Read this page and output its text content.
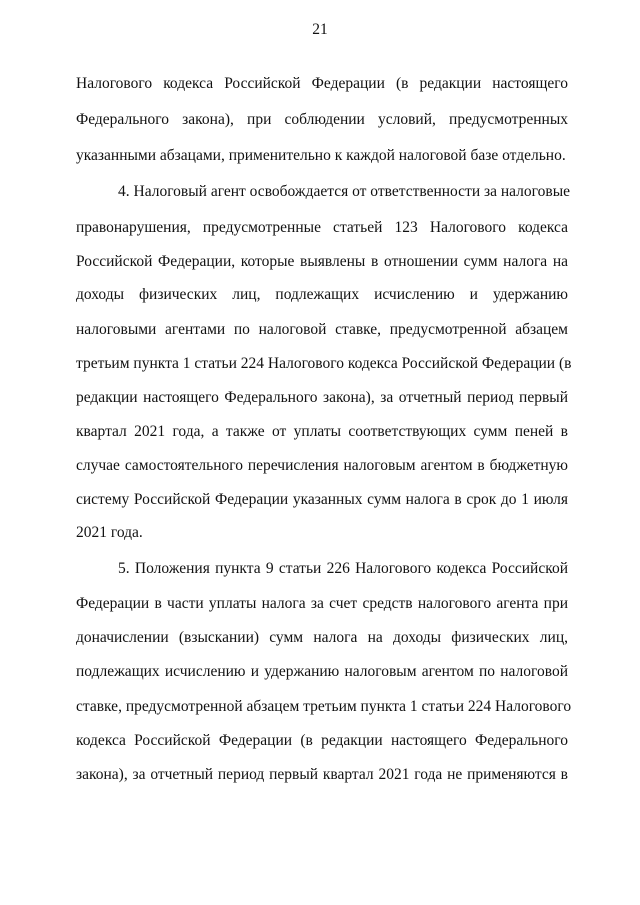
21
Налогового кодекса Российской Федерации (в редакции настоящего
Федерального закона), при соблюдении условий, предусмотренных
указанными абзацами, применительно к каждой налоговой базе отдельно.
4. Налоговый агент освобождается от ответственности за налоговые
правонарушения, предусмотренные статьей 123 Налогового кодекса
Российской Федерации, которые выявлены в отношении сумм налога на
доходы физических лиц, подлежащих исчислению и удержанию
налоговыми агентами по налоговой ставке, предусмотренной абзацем
третьим пункта 1 статьи 224 Налогового кодекса Российской Федерации (в
редакции настоящего Федерального закона), за отчетный период первый
квартал 2021 года, а также от уплаты соответствующих сумм пеней в
случае самостоятельного перечисления налоговым агентом в бюджетную
систему Российской Федерации указанных сумм налога в срок до 1 июля
2021 года.
5. Положения пункта 9 статьи 226 Налогового кодекса Российской
Федерации в части уплаты налога за счет средств налогового агента при
доначислении (взыскании) сумм налога на доходы физических лиц,
подлежащих исчислению и удержанию налоговым агентом по налоговой
ставке, предусмотренной абзацем третьим пункта 1 статьи 224 Налогового
кодекса Российской Федерации (в редакции настоящего Федерального
закона), за отчетный период первый квартал 2021 года не применяются в
